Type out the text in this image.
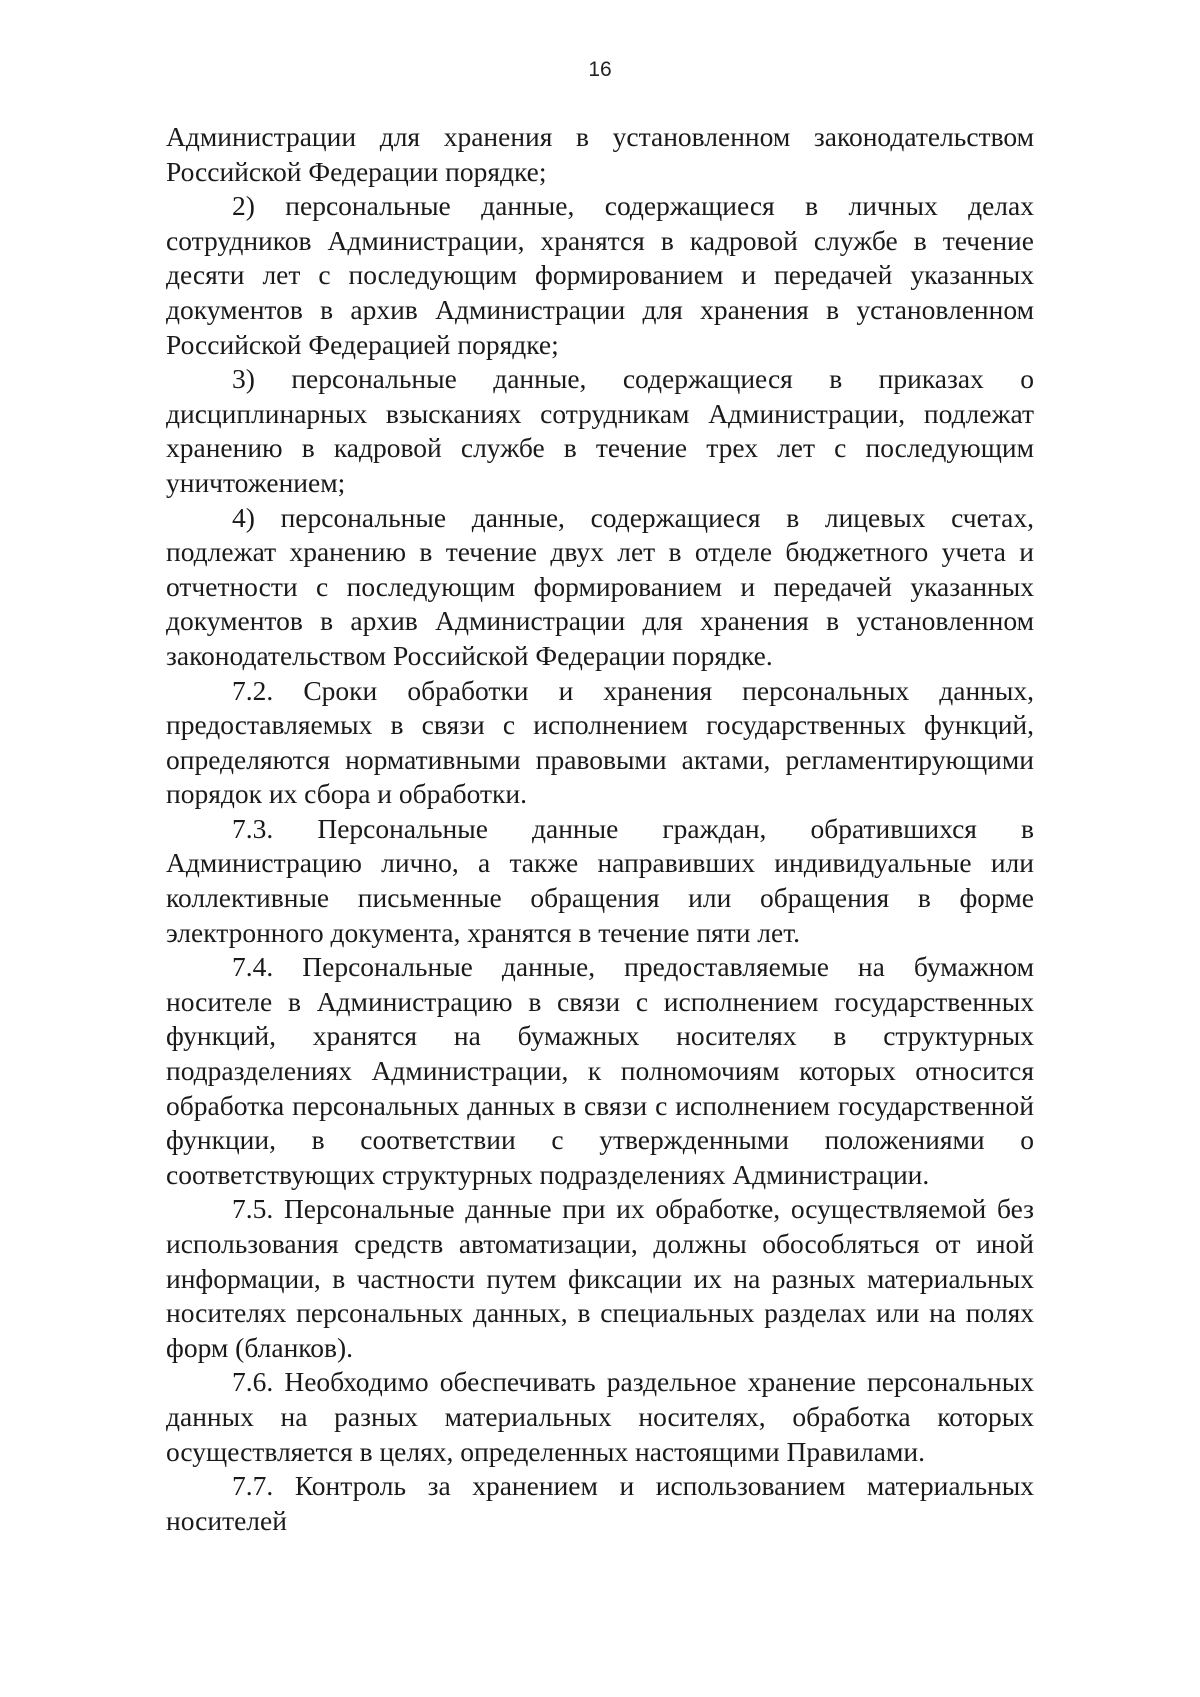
16

Администрации для хранения в установленном законодательством Российской Федерации порядке;

2) персональные данные, содержащиеся в личных делах сотрудников Администрации, хранятся в кадровой службе в течение десяти лет с последующим формированием и передачей указанных документов в архив Администрации для хранения в установленном Российской Федерацией порядке;

3) персональные данные, содержащиеся в приказах о дисциплинарных взысканиях сотрудникам Администрации, подлежат хранению в кадровой службе в течение трех лет с последующим уничтожением;

4) персональные данные, содержащиеся в лицевых счетах, подлежат хранению в течение двух лет в отделе бюджетного учета и отчетности с последующим формированием и передачей указанных документов в архив Администрации для хранения в установленном законодательством Российской Федерации порядке.

7.2. Сроки обработки и хранения персональных данных, предоставляемых в связи с исполнением государственных функций, определяются нормативными правовыми актами, регламентирующими порядок их сбора и обработки.

7.3. Персональные данные граждан, обратившихся в Администрацию лично, а также направивших индивидуальные или коллективные письменные обращения или обращения в форме электронного документа, хранятся в течение пяти лет.

7.4. Персональные данные, предоставляемые на бумажном носителе в Администрацию в связи с исполнением государственных функций, хранятся на бумажных носителях в структурных подразделениях Администрации, к полномочиям которых относится обработка персональных данных в связи с исполнением государственной функции, в соответствии с утвержденными положениями о соответствующих структурных подразделениях Администрации.

7.5. Персональные данные при их обработке, осуществляемой без использования средств автоматизации, должны обособляться от иной информации, в частности путем фиксации их на разных материальных носителях персональных данных, в специальных разделах или на полях форм (бланков).

7.6. Необходимо обеспечивать раздельное хранение персональных данных на разных материальных носителях, обработка которых осуществляется в целях, определенных настоящими Правилами.

7.7. Контроль за хранением и использованием материальных носителей
